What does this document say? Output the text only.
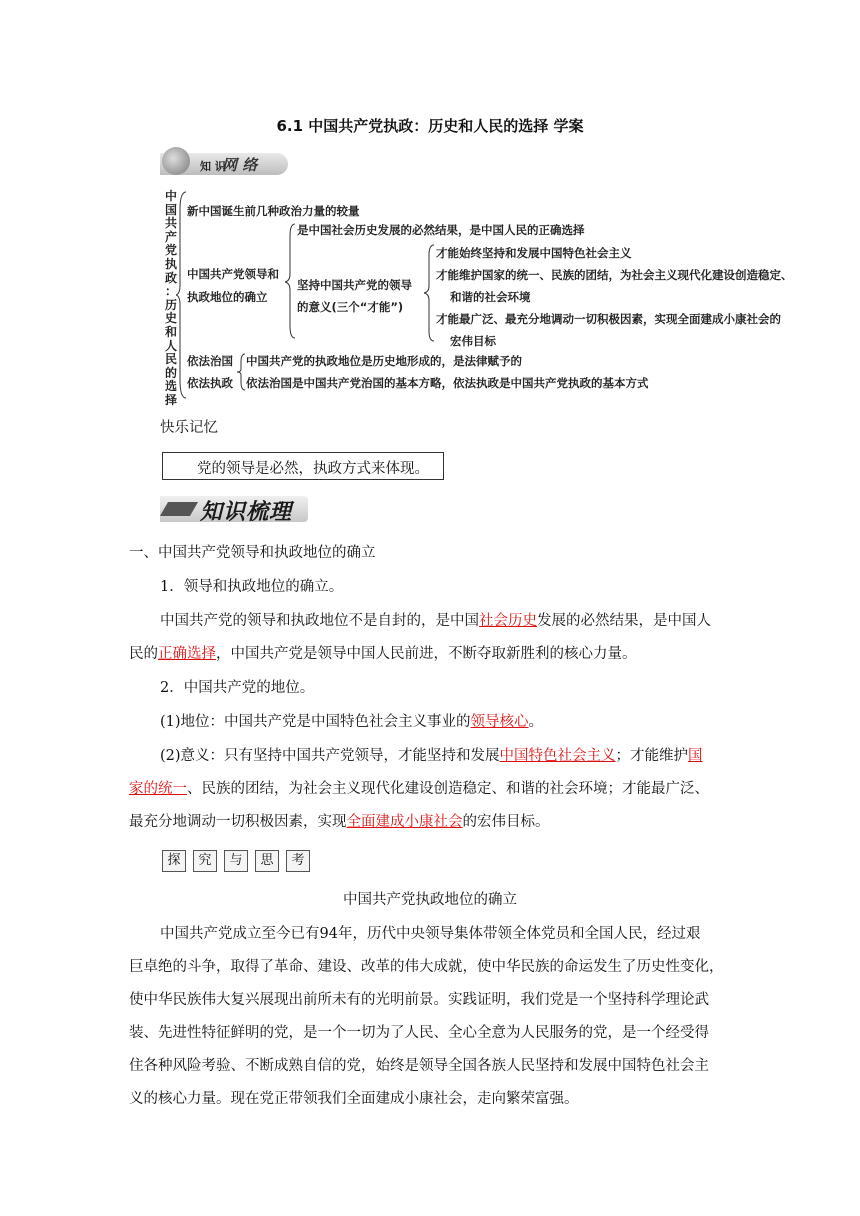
6.1 中国共产党执政：历史和人民的选择 学案
知 识
网 络
中
国
共
产
党
执
政
：
历
史
和
人
民
的
选
择
新中国诞生前几种政治力量的较量
中国共产党领导和
执政地位的确立
是中国社会历史发展的必然结果，是中国人民的正确选择
坚持中国共产党的领导
的意义(三个“才能”)
才能始终坚持和发展中国特色社会主义
才能维护国家的统一、民族的团结，为社会主义现代化建设创造稳定、
和谐的社会环境
才能最广泛、最充分地调动一切积极因素，实现全面建成小康社会的
宏伟目标
依法治国
依法执政
中国共产党的执政地位是历史地形成的，是法律赋予的
依法治国是中国共产党治国的基本方略，依法执政是中国共产党执政的基本方式
快乐记忆
党的领导是必然，执政方式来体现。
知识梳理
一、中国共产党领导和执政地位的确立
1．领导和执政地位的确立。
中国共产党的领导和执政地位不是自封的，是中国社会历史发展的必然结果，是中国人
民的正确选择，中国共产党是领导中国人民前进，不断夺取新胜利的核心力量。
2．中国共产党的地位。
(1)地位：中国共产党是中国特色社会主义事业的领导核心。
(2)意义：只有坚持中国共产党领导，才能坚持和发展中国特色社会主义；才能维护国
家的统一、民族的团结，为社会主义现代化建设创造稳定、和谐的社会环境；才能最广泛、
最充分地调动一切积极因素，实现全面建成小康社会的宏伟目标。
探 究 与 思 考
中国共产党执政地位的确立
中国共产党成立至今已有94年，历代中央领导集体带领全体党员和全国人民，经过艰
巨卓绝的斗争，取得了革命、建设、改革的伟大成就，使中华民族的命运发生了历史性变化，
使中华民族伟大复兴展现出前所未有的光明前景。实践证明，我们党是一个坚持科学理论武
装、先进性特征鲜明的党，是一个一切为了人民、全心全意为人民服务的党，是一个经受得
住各种风险考验、不断成熟自信的党，始终是领导全国各族人民坚持和发展中国特色社会主
义的核心力量。现在党正带领我们全面建成小康社会，走向繁荣富强。
